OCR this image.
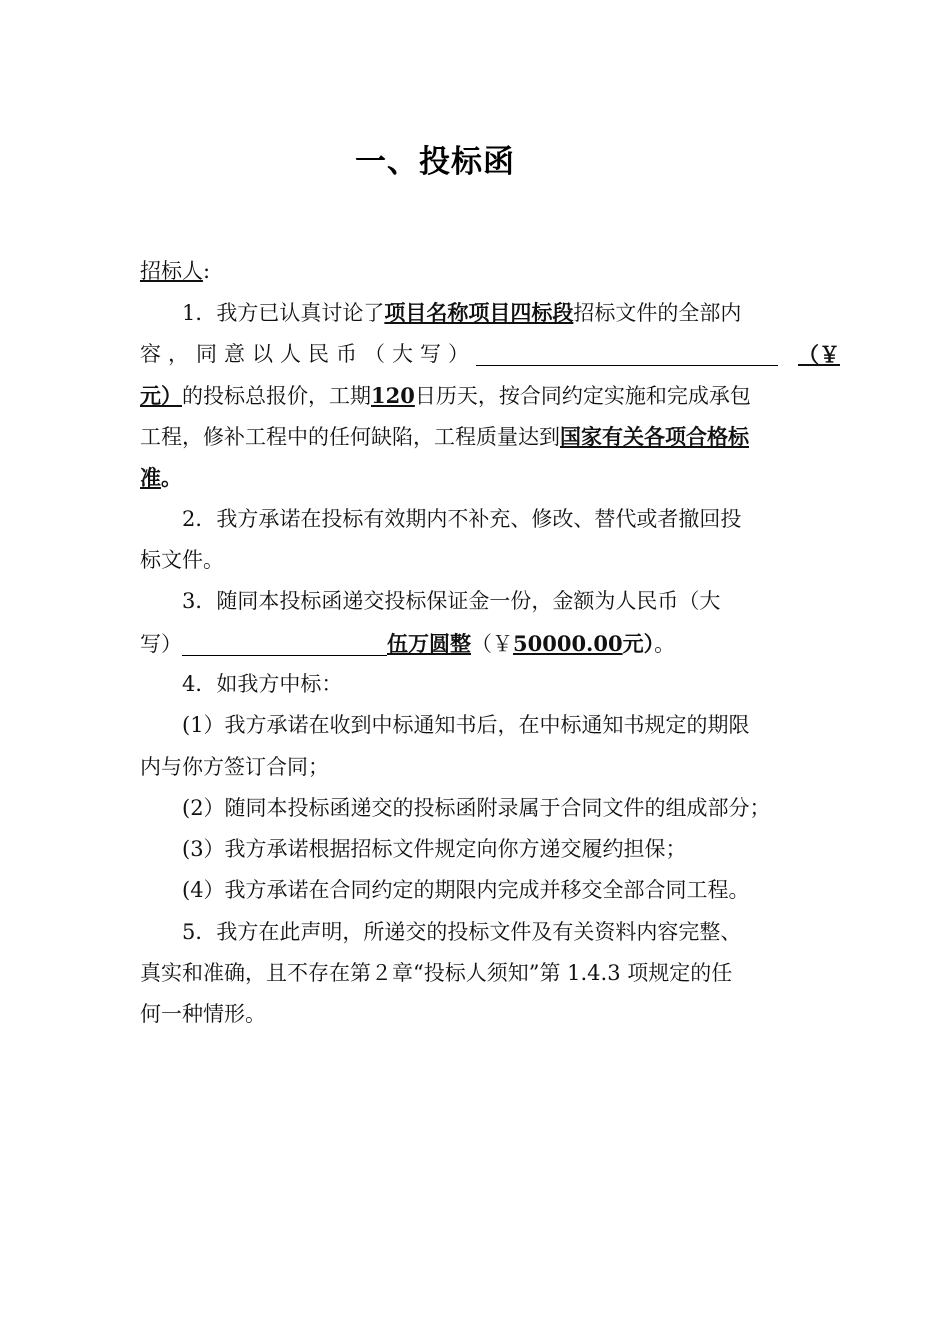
一、投标函
招标人:
1．我方已认真讨论了项目名称项目四标段招标文件的全部内
容，同意以人民币（大写）	（￥
元）的投标总报价，工期120日历天，按合同约定实施和完成承包
工程，修补工程中的任何缺陷，工程质量达到国家有关各项合格标
准。
2．我方承诺在投标有效期内不补充、修改、替代或者撤回投
标文件。
3．随同本投标函递交投标保证金一份，金额为人民币（大
写）	伍万圆整（￥50000.00元）。
4．如我方中标：
(1）我方承诺在收到中标通知书后，在中标通知书规定的期限
内与你方签订合同；
(2）随同本投标函递交的投标函附录属于合同文件的组成部分；
(3）我方承诺根据招标文件规定向你方递交履约担保；
(4）我方承诺在合同约定的期限内完成并移交全部合同工程。
5．我方在此声明，所递交的投标文件及有关资料内容完整、
真实和准确，且不存在第２章“投标人须知”第 1.4.3 项规定的任
何一种情形。
